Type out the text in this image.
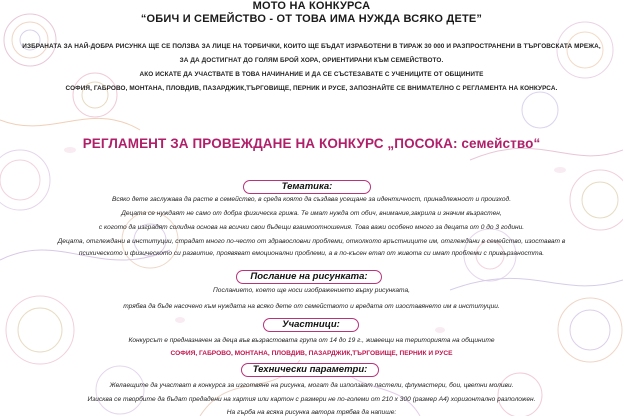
МОТО НА КОНКУРСА
“ОБИЧ И СЕМЕЙСТВО - ОТ ТОВА ИМА НУЖДА ВСЯКО ДЕТЕ”
ИЗБРАНАТА ЗА НАЙ-ДОБРА РИСУНКА ЩЕ СЕ ПОЛЗВА ЗА ЛИЦЕ НА ТОРБИЧКИ, КОИТО ЩЕ БЪДАТ ИЗРАБОТЕНИ В ТИРАЖ 30 000 И РАЗПРОСТРАНЕНИ В ТЪРГОВСКАТА МРЕЖА,
ЗА ДА ДОСТИГНАТ ДО ГОЛЯМ БРОЙ ХОРА, ОРИЕНТИРАНИ КЪМ СЕМЕЙСТВОТО.
АКО ИСКАТЕ ДА УЧАСТВАТЕ В ТОВА НАЧИНАНИЕ И ДА СЕ СЪСТЕЗАВАТЕ С УЧЕНИЦИТЕ ОТ ОБЩИНИТЕ
СОФИЯ, ГАБРОВО, МОНТАНА, ПЛОВДИВ, ПАЗАРДЖИК,ТЪРГОВИЩЕ, ПЕРНИК И РУСЕ, ЗАПОЗНАЙТЕ СЕ ВНИМАТЕЛНО С РЕГЛАМЕНТА НА КОНКУРСА.
РЕГЛАМЕНТ ЗА ПРОВЕЖДАНЕ НА КОНКУРС „ПОСОКА: семейство“
Тематика:
Всяко дете заслужава да расте в семейство, в среда която да създава усещане за идентичност, принадлежност и произход.
Децата се нуждаят не само от добра физическа грижа. Те имат нужда от обич, внимание,закрила и значим възрастен,
с когото да изградят солидна основа на всички свои бъдещи взаимоотношения. Това важи особено много за децата от 0 до 3 години.
Децата, отглеждани в институции, страдат много по-често от здравословни проблеми, отколкото връстниците им, отглеждани в семейство, изостават в
психическото и физическото си развитие, проявяват емоционални проблеми, а в по-късен етап от живота си имат проблеми с привързаността.
Послание на рисунката:
Посланието, което ще носи изображението върху рисунката,
трябва да бъде насочено към нуждата на всяко дете от семейството и вредата от изоставянето им в институции.
Участници:
Конкурсът е предназначен за деца във възрастовата група от 14 до 19 г., живеещи на територията на общините
СОФИЯ, ГАБРОВО, МОНТАНА, ПЛОВДИВ, ПАЗАРДЖИК,ТЪРГОВИЩЕ, ПЕРНИК И РУСЕ
Технически параметри:
Желаещите да участват в конкурса за изготвяне на рисунка, могат да използват пастели, флумастери, бои, цветни моливи.
Изисква се творбите да бъдат предадени на хартия или картон с размери не по-големи от 210 х 300 (размер А4) хоризонтално разположен.
На гърба на всяка рисунка автора трябва да напише:
